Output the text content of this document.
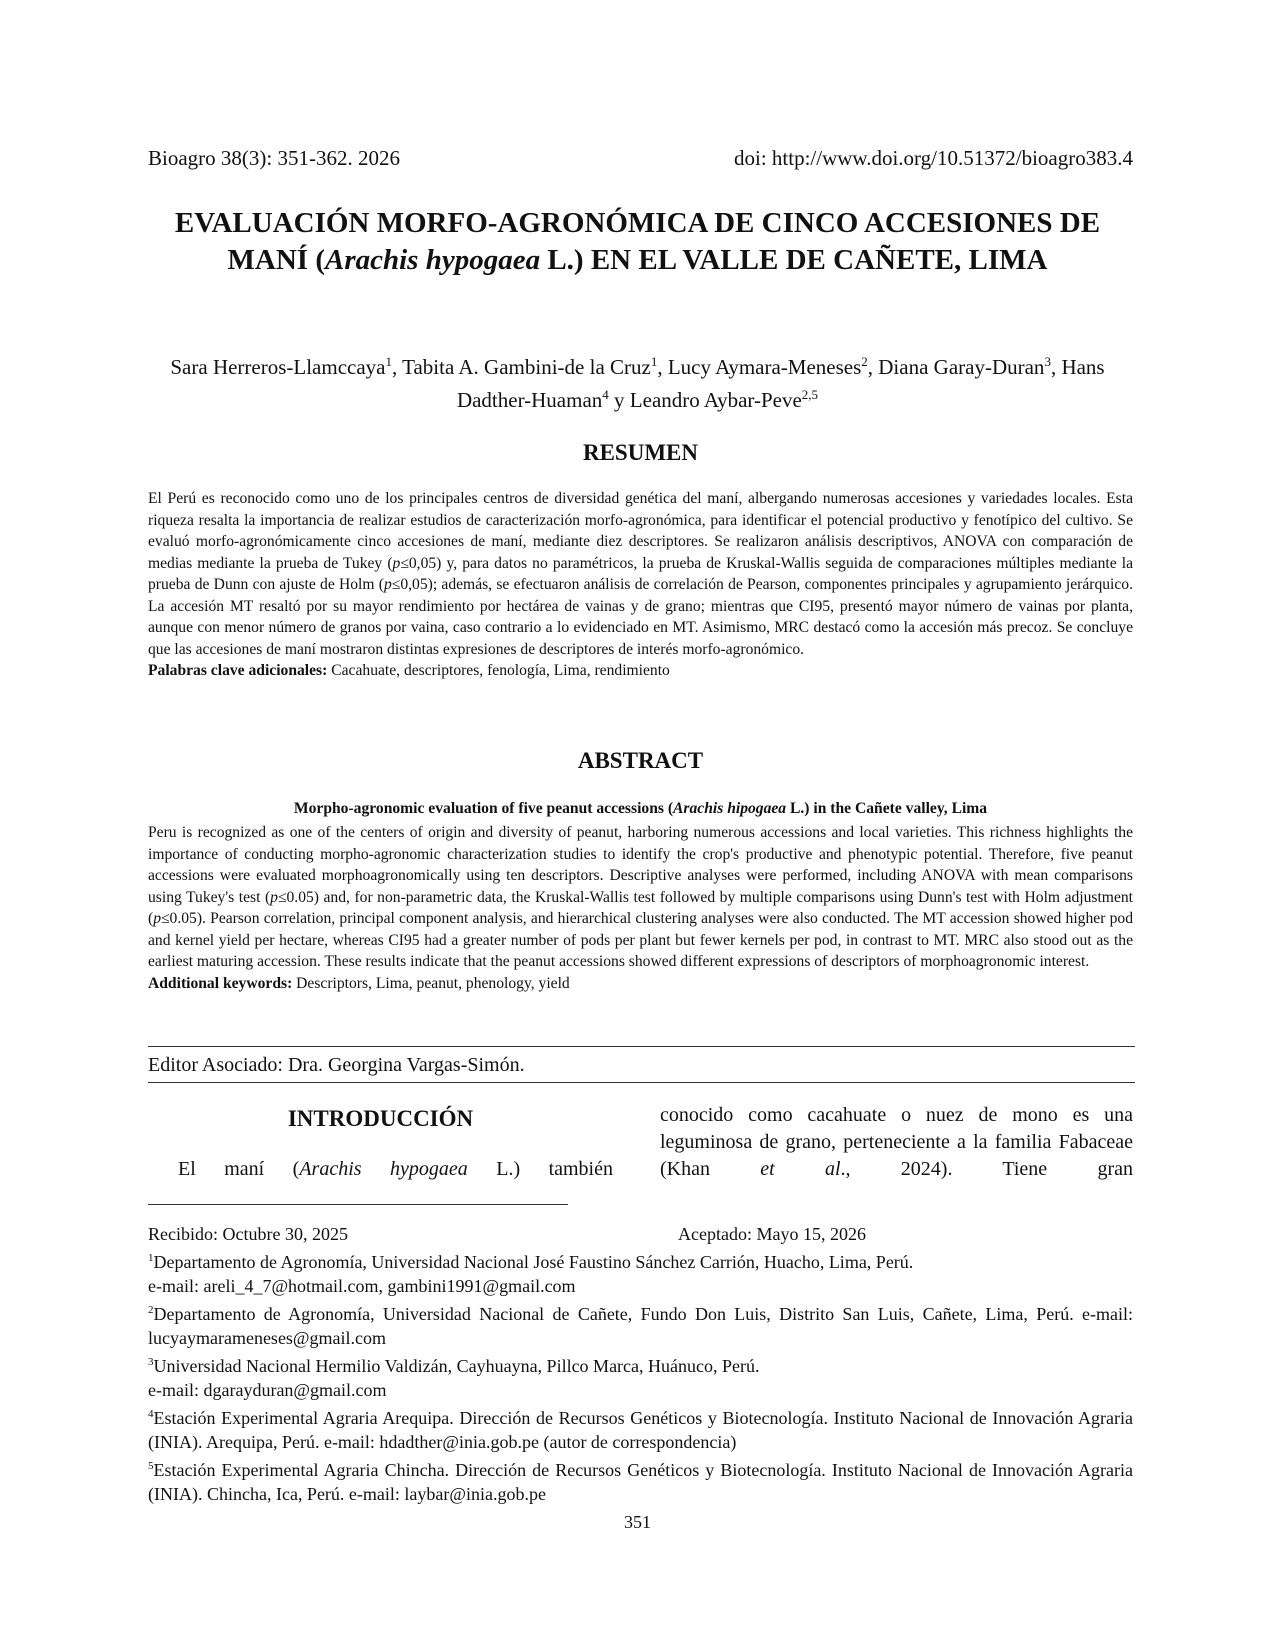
Bioagro 38(3): 351-362. 2026	doi: http://www.doi.org/10.51372/bioagro383.4
EVALUACIÓN MORFO-AGRONÓMICA DE CINCO ACCESIONES DE MANÍ (Arachis hypogaea L.) EN EL VALLE DE CAÑETE, LIMA
Sara Herreros-Llamccaya$^1$, Tabita A. Gambini-de la Cruz$^1$, Lucy Aymara-Meneses$^2$, Diana Garay-Duran$^3$, Hans Dadther-Huaman$^4$ y Leandro Aybar-Peve$^{2,5}$
RESUMEN
El Perú es reconocido como uno de los principales centros de diversidad genética del maní, albergando numerosas accesiones y variedades locales. Esta riqueza resalta la importancia de realizar estudios de caracterización morfo-agronómica, para identificar el potencial productivo y fenotípico del cultivo. Se evaluó morfo-agronómicamente cinco accesiones de maní, mediante diez descriptores. Se realizaron análisis descriptivos, ANOVA con comparación de medias mediante la prueba de Tukey (p≤0,05) y, para datos no paramétricos, la prueba de Kruskal-Wallis seguida de comparaciones múltiples mediante la prueba de Dunn con ajuste de Holm (p≤0,05); además, se efectuaron análisis de correlación de Pearson, componentes principales y agrupamiento jerárquico. La accesión MT resaltó por su mayor rendimiento por hectárea de vainas y de grano; mientras que CI95, presentó mayor número de vainas por planta, aunque con menor número de granos por vaina, caso contrario a lo evidenciado en MT. Asimismo, MRC destacó como la accesión más precoz. Se concluye que las accesiones de maní mostraron distintas expresiones de descriptores de interés morfo-agronómico.

Palabras clave adicionales: Cacahuate, descriptores, fenología, Lima, rendimiento

ABSTRACT
Morpho-agronomic evaluation of five peanut accessions (Arachis hipogaea L.) in the Cañete valley, Lima
Peru is recognized as one of the centers of origin and diversity of peanut, harboring numerous accessions and local varieties. This richness highlights the importance of conducting morpho-agronomic characterization studies to identify the crop's productive and phenotypic potential. Therefore, five peanut accessions were evaluated morphoagronomically using ten descriptors. Descriptive analyses were performed, including ANOVA with mean comparisons using Tukey's test (p≤0.05) and, for non-parametric data, the Kruskal-Wallis test followed by multiple comparisons using Dunn's test with Holm adjustment (p≤0.05). Pearson correlation, principal component analysis, and hierarchical clustering analyses were also conducted. The MT accession showed higher pod and kernel yield per hectare, whereas CI95 had a greater number of pods per plant but fewer kernels per pod, in contrast to MT. MRC also stood out as the earliest maturing accession. These results indicate that the peanut accessions showed different expressions of descriptors of morphoagronomic interest.

Additional keywords: Descriptors, Lima, peanut, phenology, yield

Editor Asociado: Dra. Georgina Vargas-Simón.
INTRODUCCIÓN
El maní (Arachis hypogaea L.) también
conocido como cacahuate o nuez de mono es una leguminosa de grano, perteneciente a la familia Fabaceae (Khan et al., 2024). Tiene gran
Recibido: Octubre 30, 2025	Aceptado: Mayo 15, 2026

$^1$Departamento de Agronomía, Universidad Nacional José Faustino Sánchez Carrión, Huacho, Lima, Perú.

e-mail: areli_4_7@hotmail.com, gambini1991@gmail.com

$^2$Departamento de Agronomía, Universidad Nacional de Cañete, Fundo Don Luis, Distrito San Luis, Cañete, Lima, Perú. e-mail: lucyaymarameneses@gmail.com

$^3$Universidad Nacional Hermilio Valdizán, Cayhuayna, Pillco Marca, Huánuco, Perú.

e-mail: dgarayduran@gmail.com

$^4$Estación Experimental Agraria Arequipa. Dirección de Recursos Genéticos y Biotecnología. Instituto Nacional de Innovación Agraria (INIA). Arequipa, Perú. e-mail: hdadther@inia.gob.pe (autor de correspondencia)

$^5$Estación Experimental Agraria Chincha. Dirección de Recursos Genéticos y Biotecnología. Instituto Nacional de Innovación Agraria (INIA). Chincha, Ica, Perú. e-mail: laybar@inia.gob.pe

351
